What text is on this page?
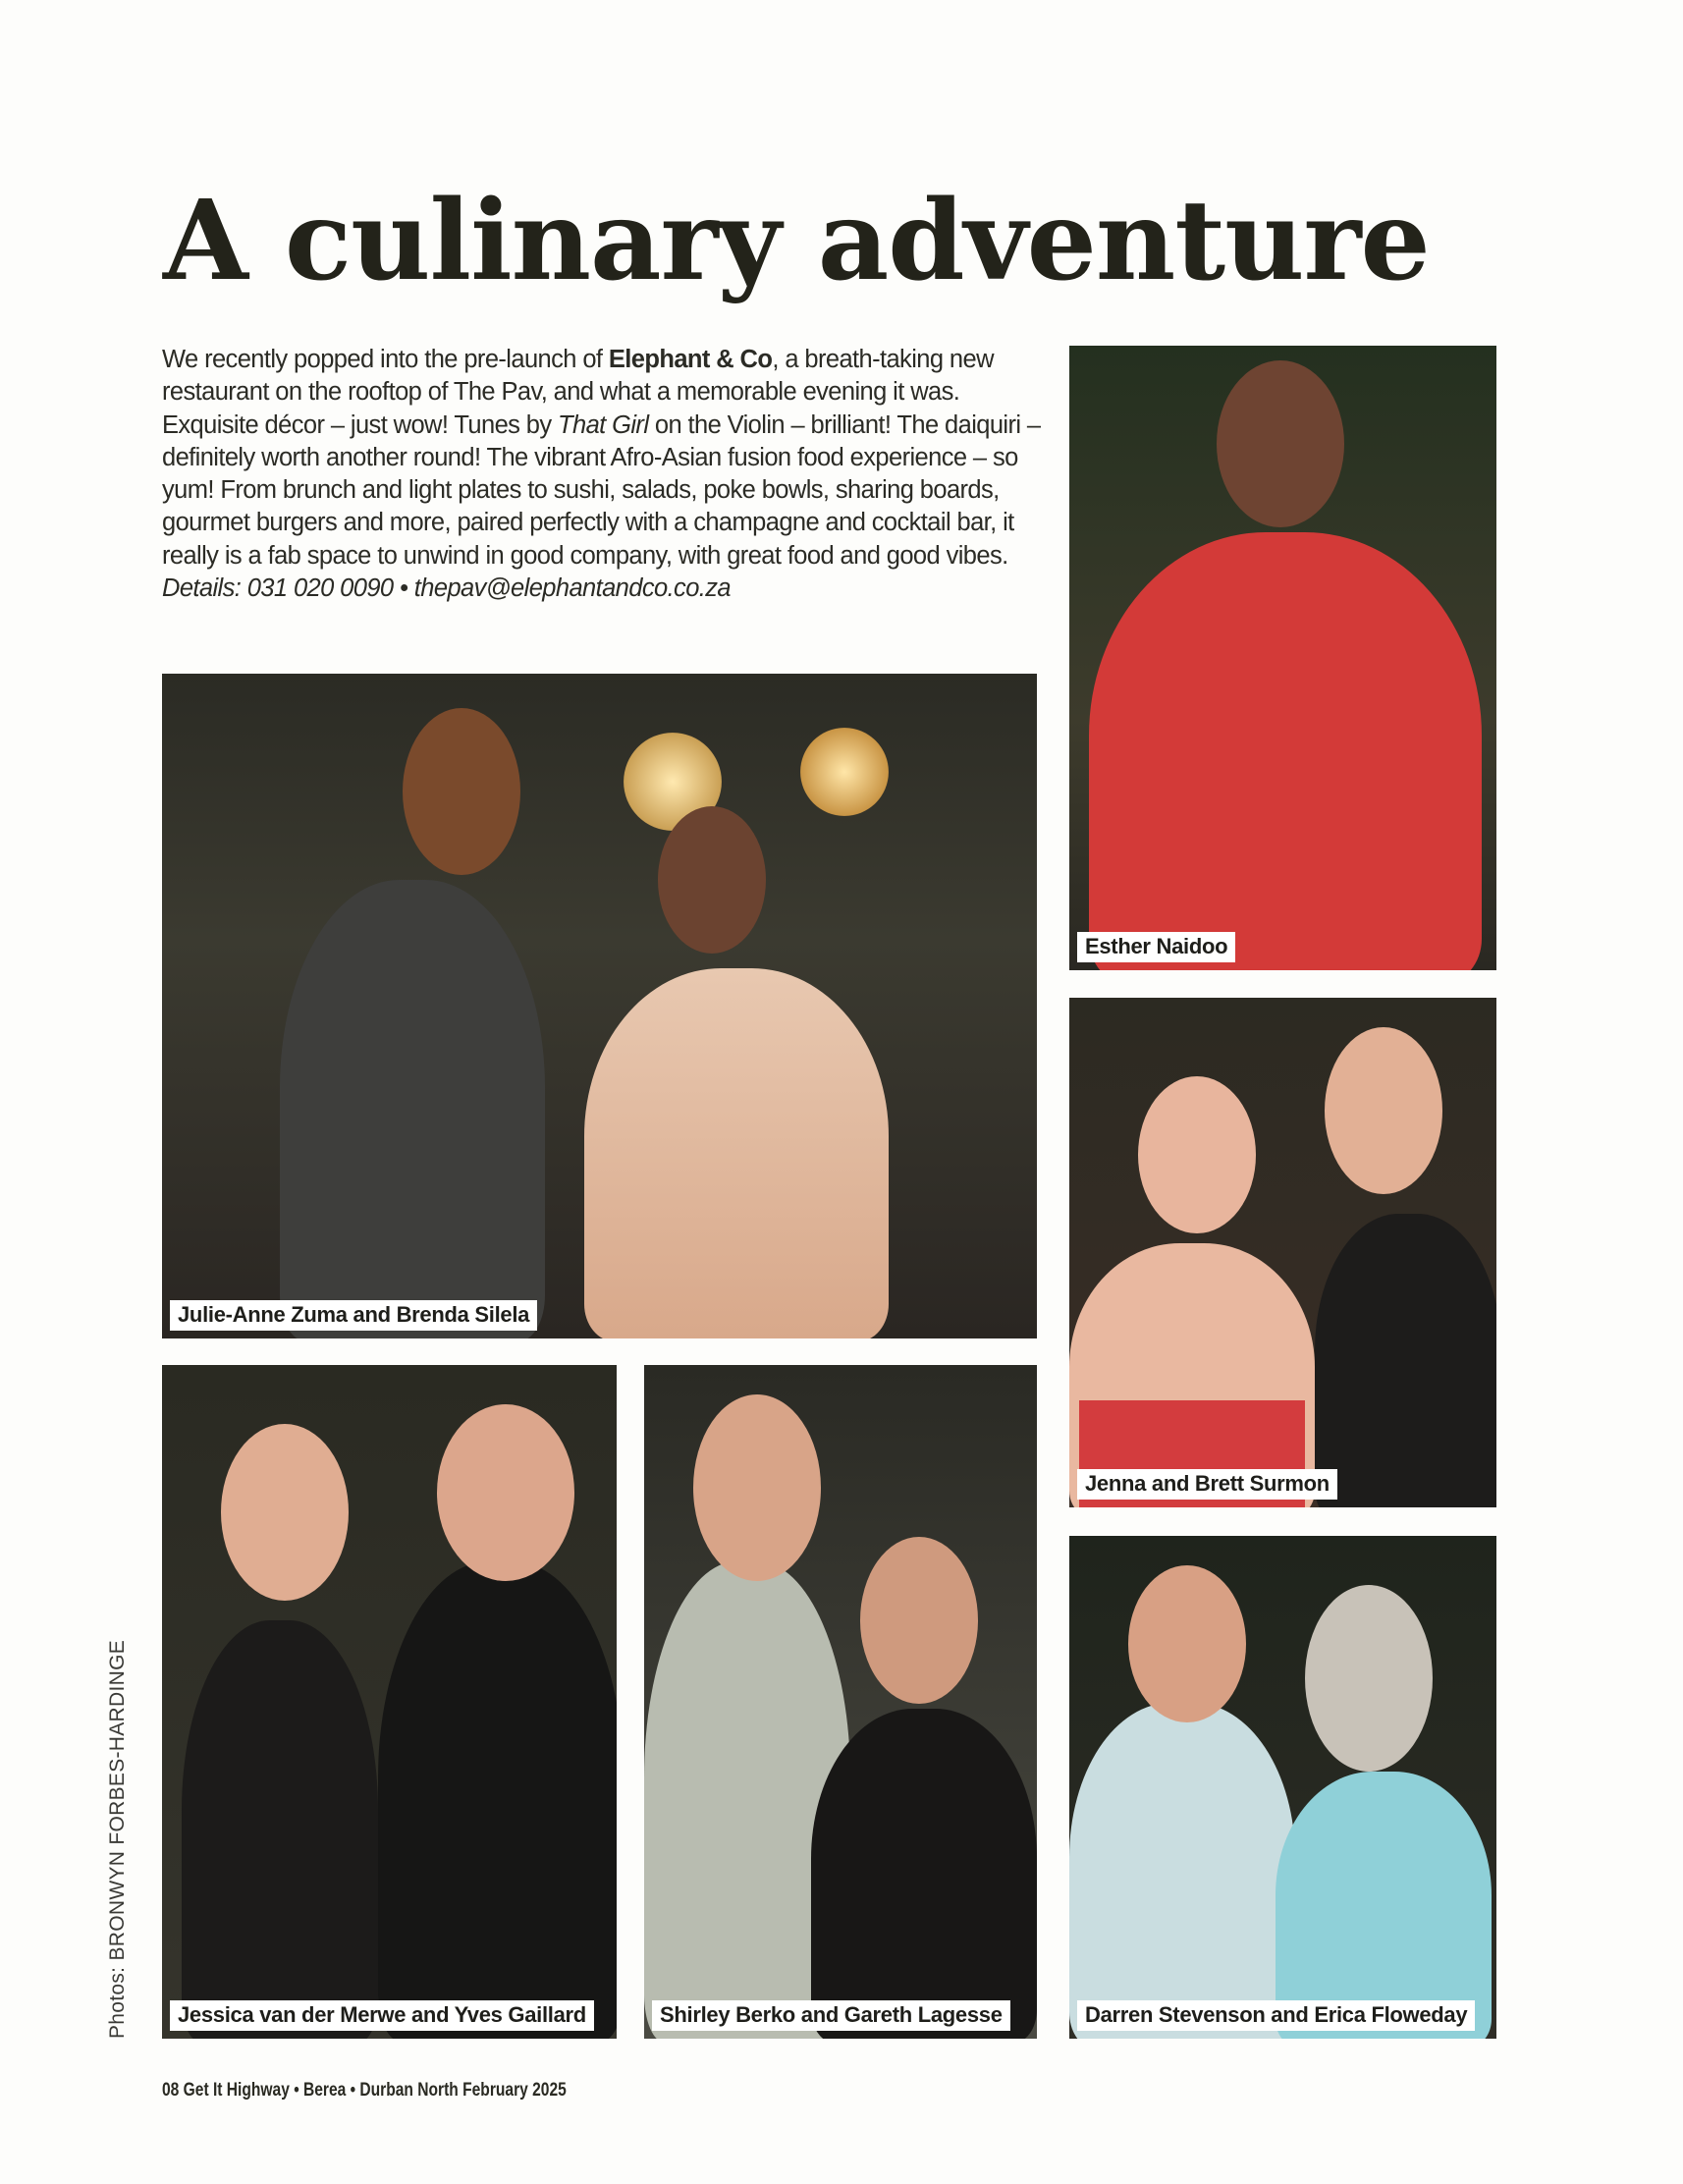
A culinary adventure

We recently popped into the pre-launch of Elephant & Co, a breath-taking new restaurant on the rooftop of The Pav, and what a memorable evening it was. Exquisite décor – just wow! Tunes by That Girl on the Violin – brilliant! The daiquiri – definitely worth another round! The vibrant Afro-Asian fusion food experience – so yum! From brunch and light plates to sushi, salads, poke bowls, sharing boards, gourmet burgers and more, paired perfectly with a champagne and cocktail bar, it really is a fab space to unwind in good company, with great food and good vibes.

Details: 031 020 0090 • thepav@elephantandco.co.za

Julie-Anne Zuma and Brenda Silela
Esther Naidoo
Jenna and Brett Surmon
Jessica van der Merwe and Yves Gaillard	Shirley Berko and Gareth Lagesse	Darren Stevenson and Erica Floweday
Photos: BRONWYN FORBES-HARDINGE
08 Get It Highway • Berea • Durban North February 2025
